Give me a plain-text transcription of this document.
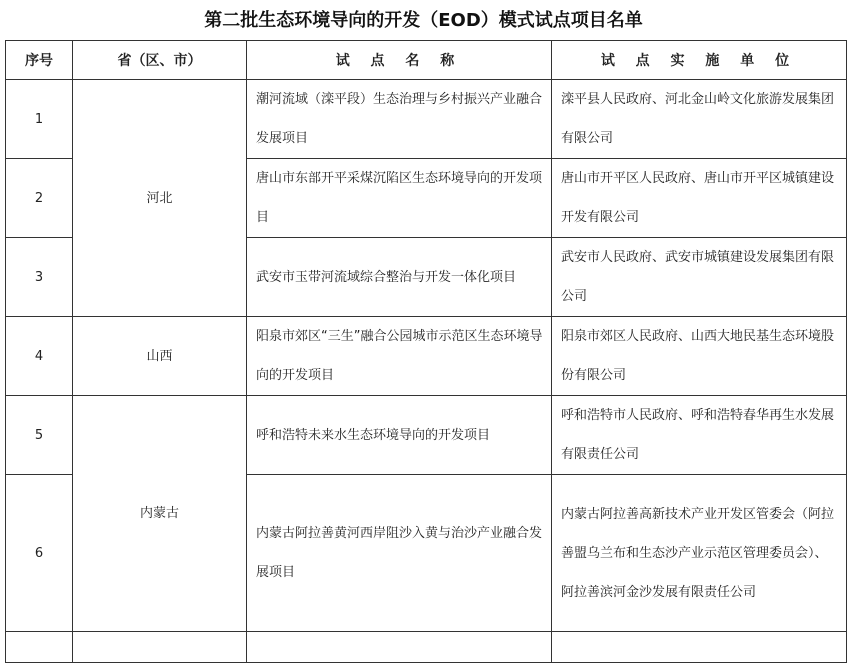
第二批生态环境导向的开发（EOD）模式试点项目名单
序号	省（区、市）	试 点 名 称	试 点 实 施 单 位
1	河北	潮河流域（滦平段）生态治理与乡村振兴产业融合发展项目	滦平县人民政府、河北金山岭文化旅游发展集团有限公司
2		唐山市东部开平采煤沉陷区生态环境导向的开发项目	唐山市开平区人民政府、唐山市开平区城镇建设开发有限公司
3		武安市玉带河流域综合整治与开发一体化项目	武安市人民政府、武安市城镇建设发展集团有限公司
4	山西	阳泉市郊区“三生”融合公园城市示范区生态环境导向的开发项目	阳泉市郊区人民政府、山西大地民基生态环境股份有限公司
5	内蒙古	呼和浩特未来水生态环境导向的开发项目	呼和浩特市人民政府、呼和浩特春华再生水发展有限责任公司
6		内蒙古阿拉善黄河西岸阻沙入黄与治沙产业融合发展项目	内蒙古阿拉善高新技术产业开发区管委会（阿拉善盟乌兰布和生态沙产业示范区管理委员会）、阿拉善滨河金沙发展有限责任公司
